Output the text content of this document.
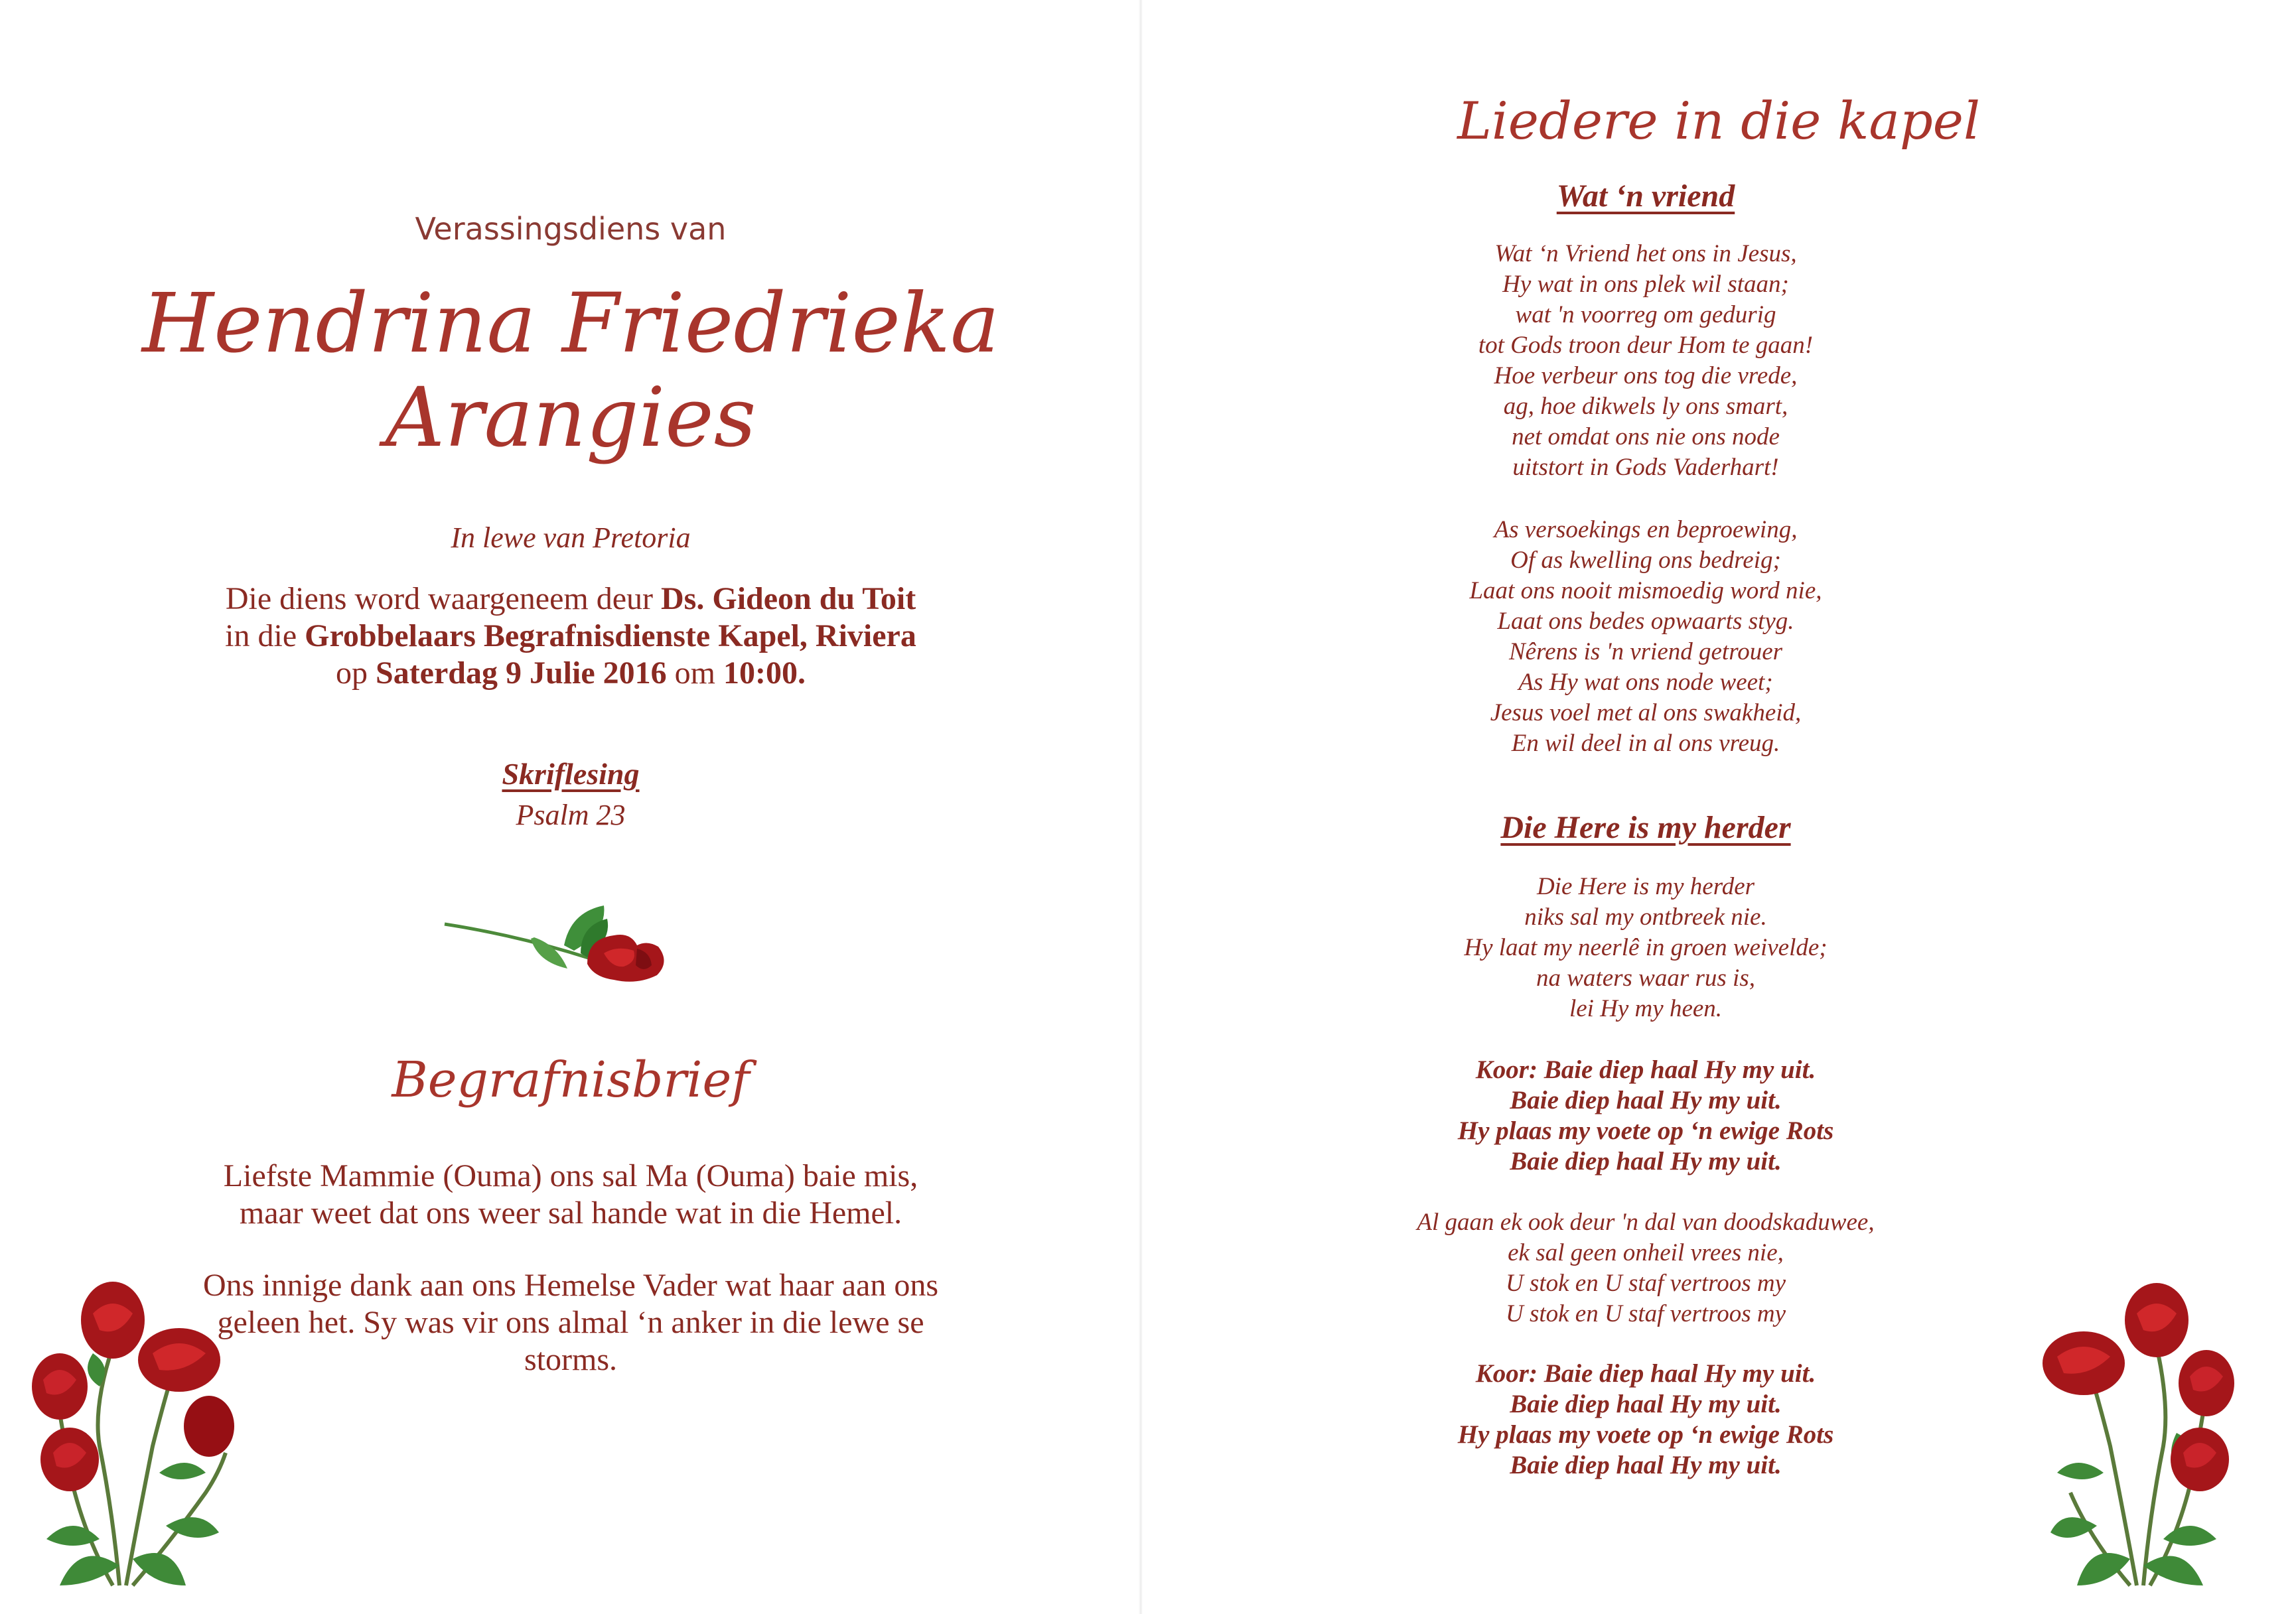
Verassingsdiens van
Hendrina Friedrieka
Arangies
In lewe van Pretoria
Die diens word waargeneem deur Ds. Gideon du Toit
in die Grobbelaars Begrafnisdienste Kapel, Riviera
op Saterdag 9 Julie 2016 om 10:00.
Skriflesing
Psalm 23
Begrafnisbrief
Liefste Mammie (Ouma) ons sal Ma (Ouma) baie mis,
maar weet dat ons weer sal hande wat in die Hemel.
Ons innige dank aan ons Hemelse Vader wat haar aan ons
geleen het. Sy was vir ons almal ‘n anker in die lewe se
storms.
Liedere in die kapel
Wat ‘n vriend
Wat ‘n Vriend het ons in Jesus,
Hy wat in ons plek wil staan;
wat 'n voorreg om gedurig
tot Gods troon deur Hom te gaan!
Hoe verbeur ons tog die vrede,
ag, hoe dikwels ly ons smart,
net omdat ons nie ons node
uitstort in Gods Vaderhart!
As versoekings en beproewing,
Of as kwelling ons bedreig;
Laat ons nooit mismoedig word nie,
Laat ons bedes opwaarts styg.
Nêrens is 'n vriend getrouer
As Hy wat ons node weet;
Jesus voel met al ons swakheid,
En wil deel in al ons vreug.
Die Here is my herder
Die Here is my herder
niks sal my ontbreek nie.
Hy laat my neerlê in groen weivelde;
na waters waar rus is,
lei Hy my heen.
Koor: Baie diep haal Hy my uit.
Baie diep haal Hy my uit.
Hy plaas my voete op ‘n ewige Rots
Baie diep haal Hy my uit.
Al gaan ek ook deur 'n dal van doodskaduwee,
ek sal geen onheil vrees nie,
U stok en U staf vertroos my
U stok en U staf vertroos my
Koor: Baie diep haal Hy my uit.
Baie diep haal Hy my uit.
Hy plaas my voete op ‘n ewige Rots
Baie diep haal Hy my uit.
